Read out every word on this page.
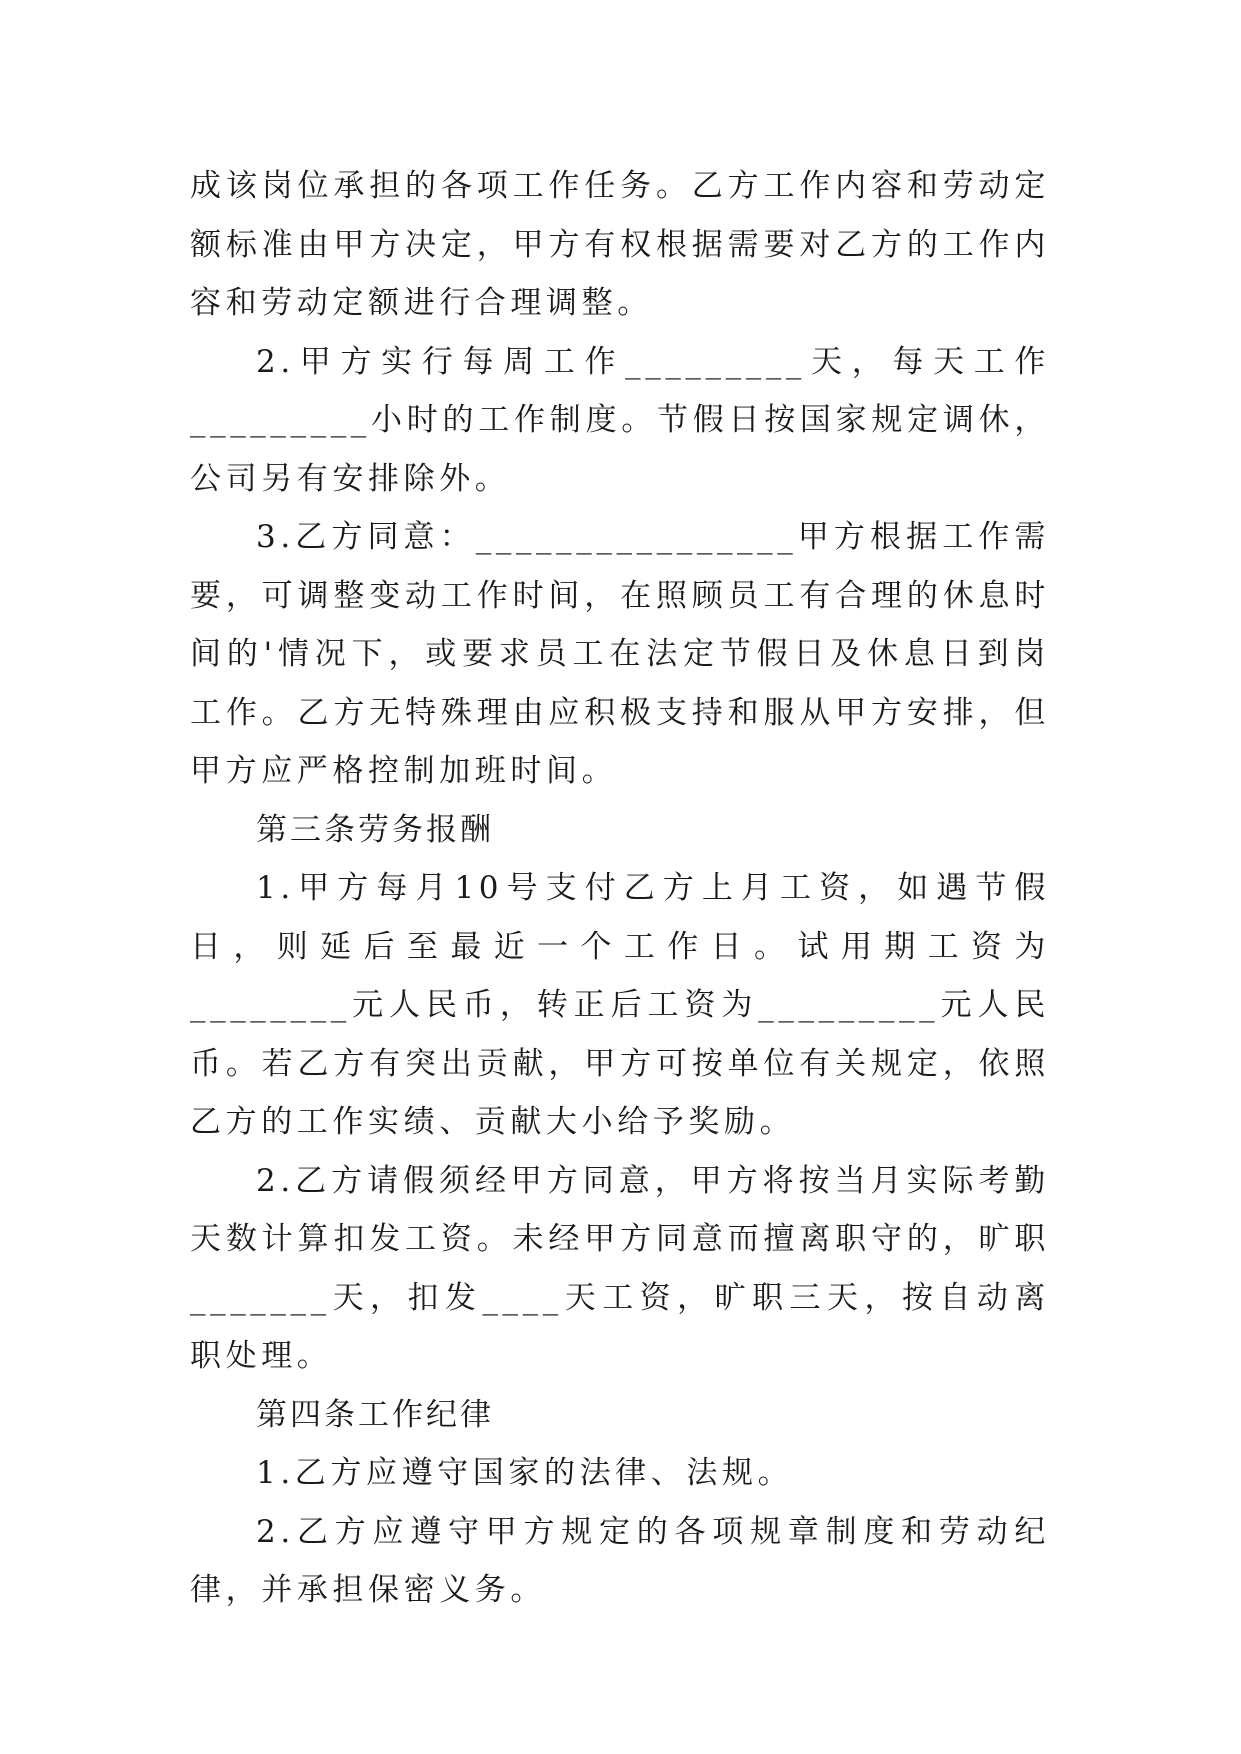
成该岗位承担的各项工作任务。乙方工作内容和劳动定额标准由甲方决定，甲方有权根据需要对乙方的工作内容和劳动定额进行合理调整。

2.甲方实行每周工作_________天，每天工作_________小时的工作制度。节假日按国家规定调休，公司另有安排除外。

3.乙方同意：________________甲方根据工作需要，可调整变动工作时间，在照顾员工有合理的休息时间的'情况下，或要求员工在法定节假日及休息日到岗工作。乙方无特殊理由应积极支持和服从甲方安排，但甲方应严格控制加班时间。

第三条劳务报酬

1.甲方每月10号支付乙方上月工资，如遇节假日，则延后至最近一个工作日。试用期工资为________元人民币，转正后工资为_________元人民币。若乙方有突出贡献，甲方可按单位有关规定，依照乙方的工作实绩、贡献大小给予奖励。

2.乙方请假须经甲方同意，甲方将按当月实际考勤天数计算扣发工资。未经甲方同意而擅离职守的，旷职_______天，扣发____天工资，旷职三天，按自动离职处理。

第四条工作纪律

1.乙方应遵守国家的法律、法规。

2.乙方应遵守甲方规定的各项规章制度和劳动纪律，并承担保密义务。
